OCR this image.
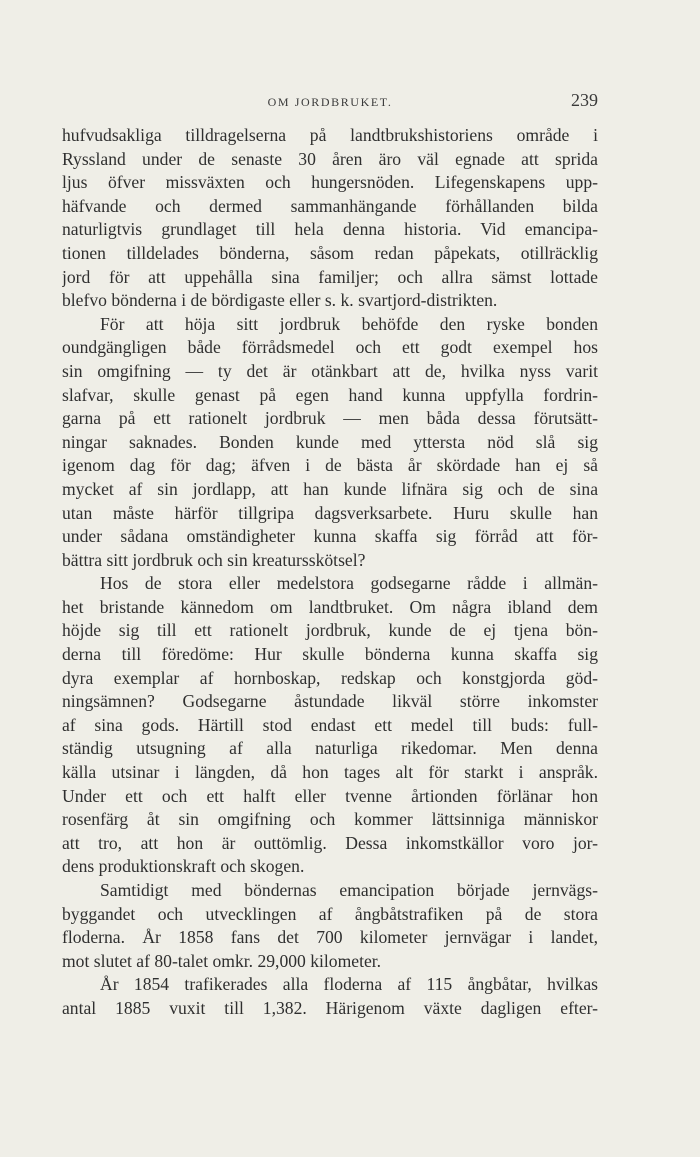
OM JORDBRUKET.	239
hufvudsakliga tilldragelserna på landtbrukshistoriens område i
Ryssland under de senaste 30 åren äro väl egnade att sprida
ljus öfver missväxten och hungersnöden. Lifegenskapens upp-
häfvande och dermed sammanhängande förhållanden bilda
naturligtvis grundlaget till hela denna historia. Vid emancipa-
tionen tilldelades bönderna, såsom redan påpekats, otillräcklig
jord för att uppehålla sina familjer; och allra sämst lottade
blefvo bönderna i de bördigaste eller s. k. svartjord-distrikten.
För att höja sitt jordbruk behöfde den ryske bonden
oundgängligen både förrådsmedel och ett godt exempel hos
sin omgifning — ty det är otänkbart att de, hvilka nyss varit
slafvar, skulle genast på egen hand kunna uppfylla fordrin-
garna på ett rationelt jordbruk — men båda dessa förutsätt-
ningar saknades. Bonden kunde med yttersta nöd slå sig
igenom dag för dag; äfven i de bästa år skördade han ej så
mycket af sin jordlapp, att han kunde lifnära sig och de sina
utan måste härför tillgripa dagsverksarbete. Huru skulle han
under sådana omständigheter kunna skaffa sig förråd att för-
bättra sitt jordbruk och sin kreatursskötsel?
Hos de stora eller medelstora godsegarne rådde i allmän-
het bristande kännedom om landtbruket. Om några ibland dem
höjde sig till ett rationelt jordbruk, kunde de ej tjena bön-
derna till föredöme: Hur skulle bönderna kunna skaffa sig
dyra exemplar af hornboskap, redskap och konstgjorda göd-
ningsämnen? Godsegarne åstundade likväl större inkomster
af sina gods. Härtill stod endast ett medel till buds: full-
ständig utsugning af alla naturliga rikedomar. Men denna
källa utsinar i längden, då hon tages alt för starkt i anspråk.
Under ett och ett halft eller tvenne årtionden förlänar hon
rosenfärg åt sin omgifning och kommer lättsinniga människor
att tro, att hon är outtömlig. Dessa inkomstkällor voro jor-
dens produktionskraft och skogen.
Samtidigt med böndernas emancipation började jernvägs-
byggandet och utvecklingen af ångbåtstrafiken på de stora
floderna. År 1858 fans det 700 kilometer jernvägar i landet,
mot slutet af 80-talet omkr. 29,000 kilometer.
År 1854 trafikerades alla floderna af 115 ångbåtar, hvilkas
antal 1885 vuxit till 1,382. Härigenom växte dagligen efter-
